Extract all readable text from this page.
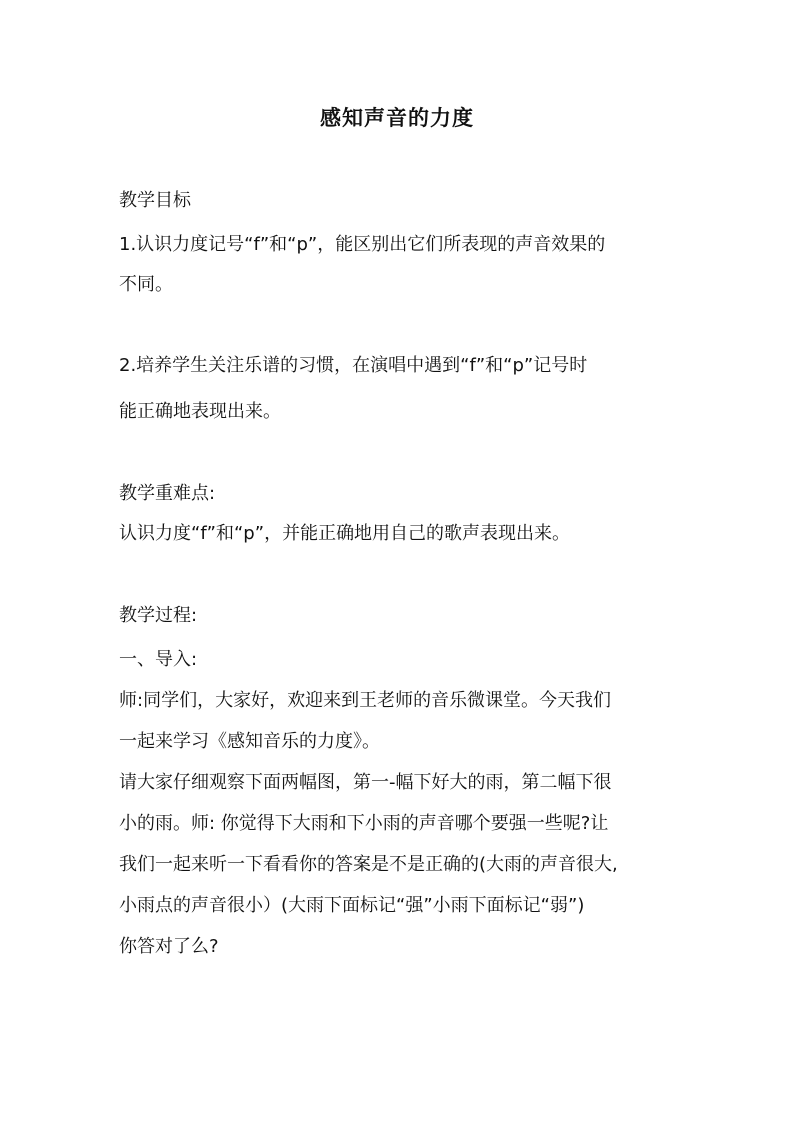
感知声音的力度
教学目标
1.认识力度记号“f”和“p”，能区别出它们所表现的声音效果的
不同。
2.培养学生关注乐谱的习惯，在演唱中遇到“f”和“p”记号时
能正确地表现出来。
教学重难点:
认识力度“f”和“p”，并能正确地用自己的歌声表现出来。
教学过程:
一、导入:
师:同学们，大家好，欢迎来到王老师的音乐微课堂。今天我们
一起来学习《感知音乐的力度》。
请大家仔细观察下面两幅图，第一-幅下好大的雨，第二幅下很
小的雨。师: 你觉得下大雨和下小雨的声音哪个要强一些呢?让
我们一起来听一下看看你的答案是不是正确的(大雨的声音很大,
小雨点的声音很小）(大雨下面标记“强”小雨下面标记“弱”)
你答对了么?
